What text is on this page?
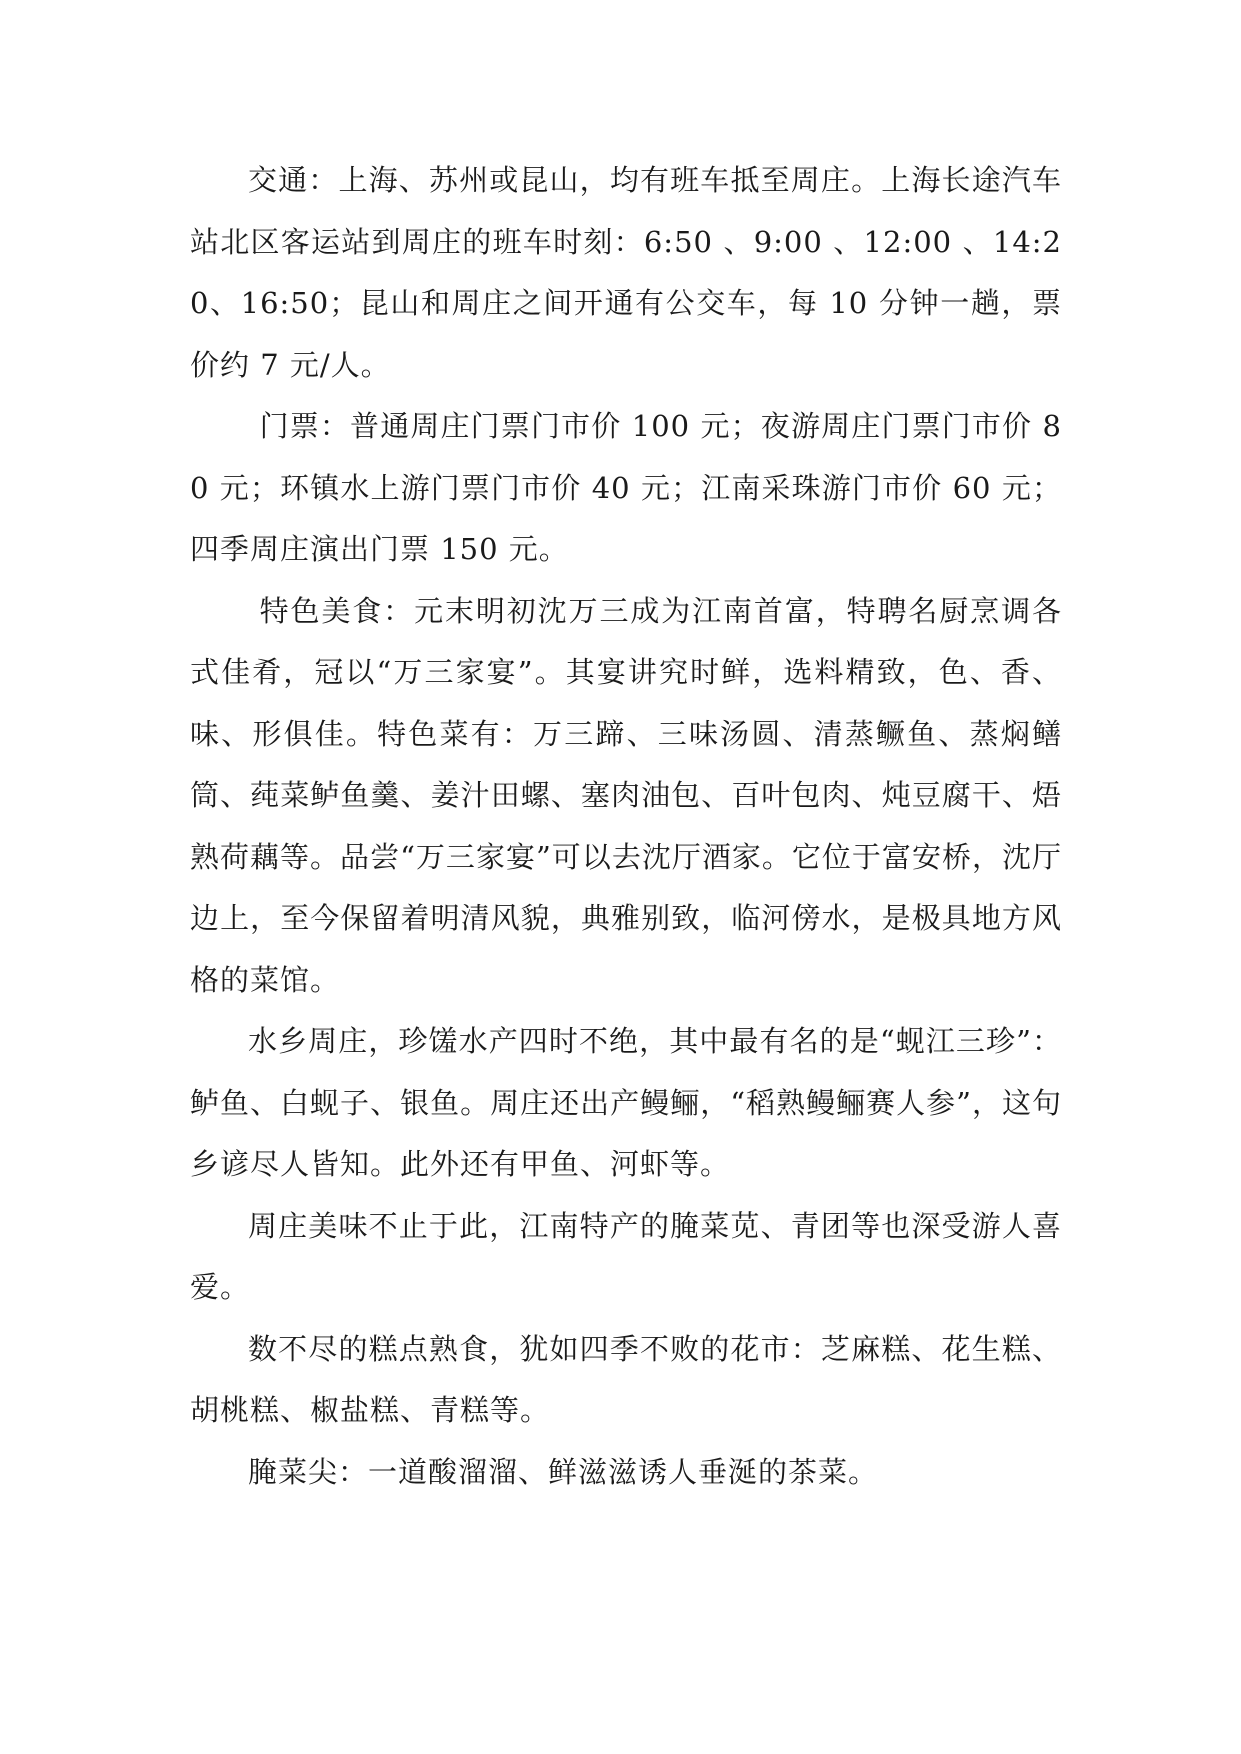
交通：上海、苏州或昆山，均有班车抵至周庄。上海长途汽车站北区客运站到周庄的班车时刻：6:50 、9:00 、12:00 、14:20、16:50；昆山和周庄之间开通有公交车，每 10 分钟一趟，票价约 7 元/人。

门票：普通周庄门票门市价 100 元；夜游周庄门票门市价 80 元；环镇水上游门票门市价 40 元；江南采珠游门市价 60 元；四季周庄演出门票 150 元。

特色美食：元末明初沈万三成为江南首富，特聘名厨烹调各式佳肴，冠以“万三家宴”。其宴讲究时鲜，选料精致，色、香、味、形俱佳。特色菜有：万三蹄、三味汤圆、清蒸鳜鱼、蒸焖鳝筒、莼菜鲈鱼羹、姜汁田螺、塞肉油包、百叶包肉、炖豆腐干、焐熟荷藕等。品尝“万三家宴”可以去沈厅酒家。它位于富安桥，沈厅边上，至今保留着明清风貌，典雅别致，临河傍水，是极具地方风格的菜馆。

水乡周庄，珍馐水产四时不绝，其中最有名的是“蚬江三珍”：鲈鱼、白蚬子、银鱼。周庄还出产鳗鲡，“稻熟鳗鲡赛人参”，这句乡谚尽人皆知。此外还有甲鱼、河虾等。

周庄美味不止于此，江南特产的腌菜苋、青团等也深受游人喜爱。

数不尽的糕点熟食，犹如四季不败的花市：芝麻糕、花生糕、胡桃糕、椒盐糕、青糕等。

腌菜尖：一道酸溜溜、鲜滋滋诱人垂涎的茶菜。
